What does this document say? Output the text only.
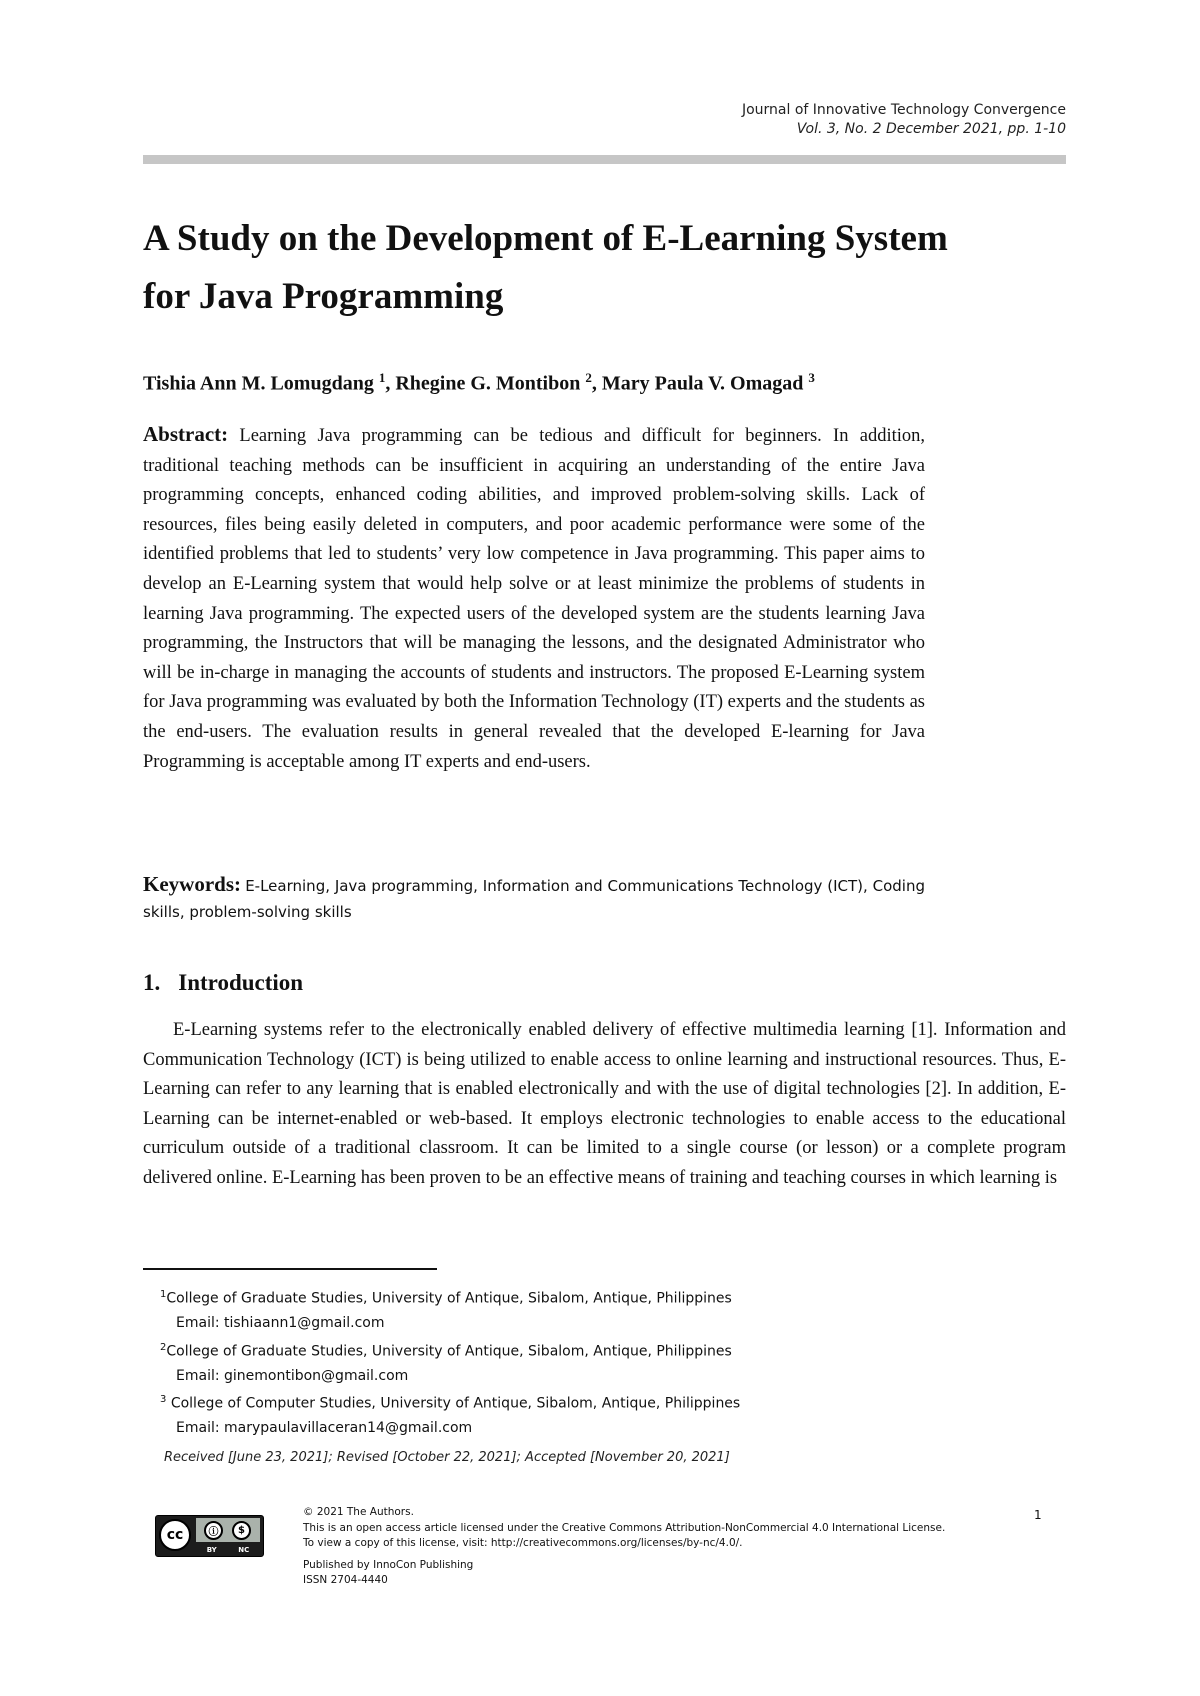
Journal of Innovative Technology Convergence
Vol. 3, No. 2 December 2021, pp. 1-10
A Study on the Development of E-Learning System
for Java Programming
Tishia Ann M. Lomugdang $^1$, Rhegine G. Montibon $^2$, Mary Paula V. Omagad $^3$

Abstract: Learning Java programming can be tedious and difficult for beginners. In addition, traditional teaching methods can be insufficient in acquiring an understanding of the entire Java programming concepts, enhanced coding abilities, and improved problem-solving skills. Lack of resources, files being easily deleted in computers, and poor academic performance were some of the identified problems that led to students’ very low competence in Java programming. This paper aims to develop an E-Learning system that would help solve or at least minimize the problems of students in learning Java programming. The expected users of the developed system are the students learning Java programming, the Instructors that will be managing the lessons, and the designated Administrator who will be in-charge in managing the accounts of students and instructors. The proposed E-Learning system for Java programming was evaluated by both the Information Technology (IT) experts and the students as the end-users. The evaluation results in general revealed that the developed E-learning for Java Programming is acceptable among IT experts and end-users.

Keywords: E-Learning, Java programming, Information and Communications Technology (ICT), Coding skills, problem-solving skills
1. Introduction

E-Learning systems refer to the electronically enabled delivery of effective multimedia learning [1]. Information and Communication Technology (ICT) is being utilized to enable access to online learning and instructional resources. Thus, E-Learning can refer to any learning that is enabled electronically and with the use of digital technologies [2]. In addition, E-Learning can be internet-enabled or web-based. It employs electronic technologies to enable access to the educational curriculum outside of a traditional classroom. It can be limited to a single course (or lesson) or a complete program delivered online. E-Learning has been proven to be an effective means of training and teaching courses in which learning is

$^1$College of Graduate Studies, University of Antique, Sibalom, Antique, Philippines
Email: tishiaann1@gmail.com
$^2$College of Graduate Studies, University of Antique, Sibalom, Antique, Philippines
Email: ginemontibon@gmail.com
$^3$ College of Computer Studies, University of Antique, Sibalom, Antique, Philippines
Email: marypaulavillaceran14@gmail.com
Received [June 23, 2021]; Revised [October 22, 2021]; Accepted [November 20, 2021]
cc	ⓘ	$
BY	NC
© 2021 The Authors.
This is an open access article licensed under the Creative Commons Attribution-NonCommercial 4.0 International License.
To view a copy of this license, visit: http://creativecommons.org/licenses/by-nc/4.0/.
Published by InnoCon Publishing
ISSN 2704-4440
1
